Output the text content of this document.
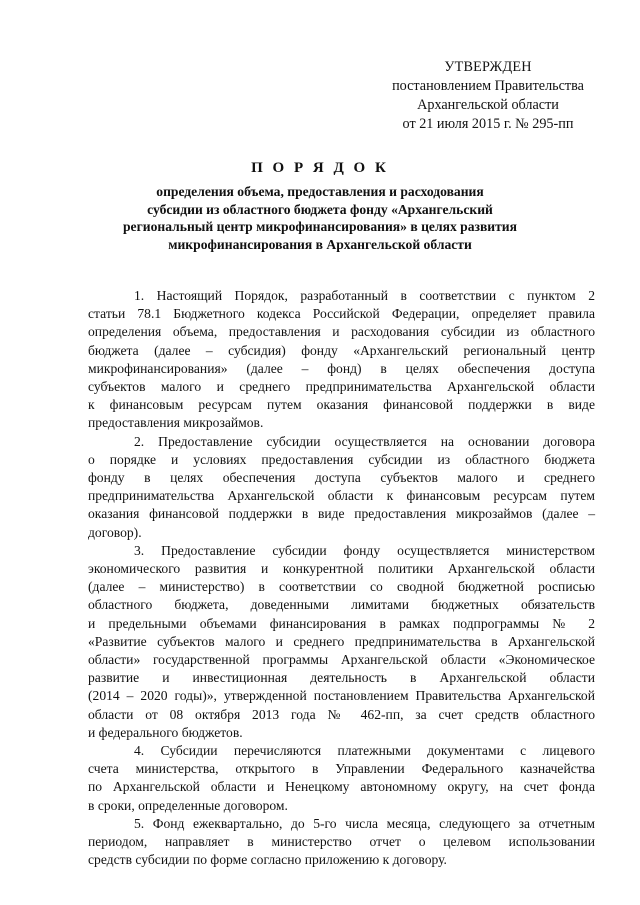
УТВЕРЖДЕН
постановлением Правительства
Архангельской области
от 21 июля 2015 г. № 295-пп
П О Р Я Д О К
определения объема, предоставления и расходования
субсидии из областного бюджета фонду «Архангельский
региональный центр микрофинансирования» в целях развития
микрофинансирования в Архангельской области
1. Настоящий Порядок, разработанный в соответствии с пунктом 2
статьи 78.1 Бюджетного кодекса Российской Федерации, определяет правила
определения объема, предоставления и расходования субсидии из областного
бюджета (далее – субсидия) фонду «Архангельский региональный центр
микрофинансирования» (далее – фонд) в целях обеспечения доступа
субъектов малого и среднего предпринимательства Архангельской области
к финансовым ресурсам путем оказания финансовой поддержки в виде
предоставления микрозаймов.
2. Предоставление субсидии осуществляется на основании договора
о порядке и условиях предоставления субсидии из областного бюджета
фонду в целях обеспечения доступа субъектов малого и среднего
предпринимательства Архангельской области к финансовым ресурсам путем
оказания финансовой поддержки в виде предоставления микрозаймов (далее –
договор).
3. Предоставление субсидии фонду осуществляется министерством
экономического развития и конкурентной политики Архангельской области
(далее – министерство) в соответствии со сводной бюджетной росписью
областного бюджета, доведенными лимитами бюджетных обязательств
и предельными объемами финансирования в рамках подпрограммы № 2
«Развитие субъектов малого и среднего предпринимательства в Архангельской
области» государственной программы Архангельской области «Экономическое
развитие и инвестиционная деятельность в Архангельской области
(2014 – 2020 годы)», утвержденной постановлением Правительства Архангельской
области от 08 октября 2013 года № 462-пп, за счет средств областного
и федерального бюджетов.
4. Субсидии перечисляются платежными документами с лицевого
счета министерства, открытого в Управлении Федерального казначейства
по Архангельской области и Ненецкому автономному округу, на счет фонда
в сроки, определенные договором.
5. Фонд ежеквартально, до 5-го числа месяца, следующего за отчетным
периодом, направляет в министерство отчет о целевом использовании
средств субсидии по форме согласно приложению к договору.
